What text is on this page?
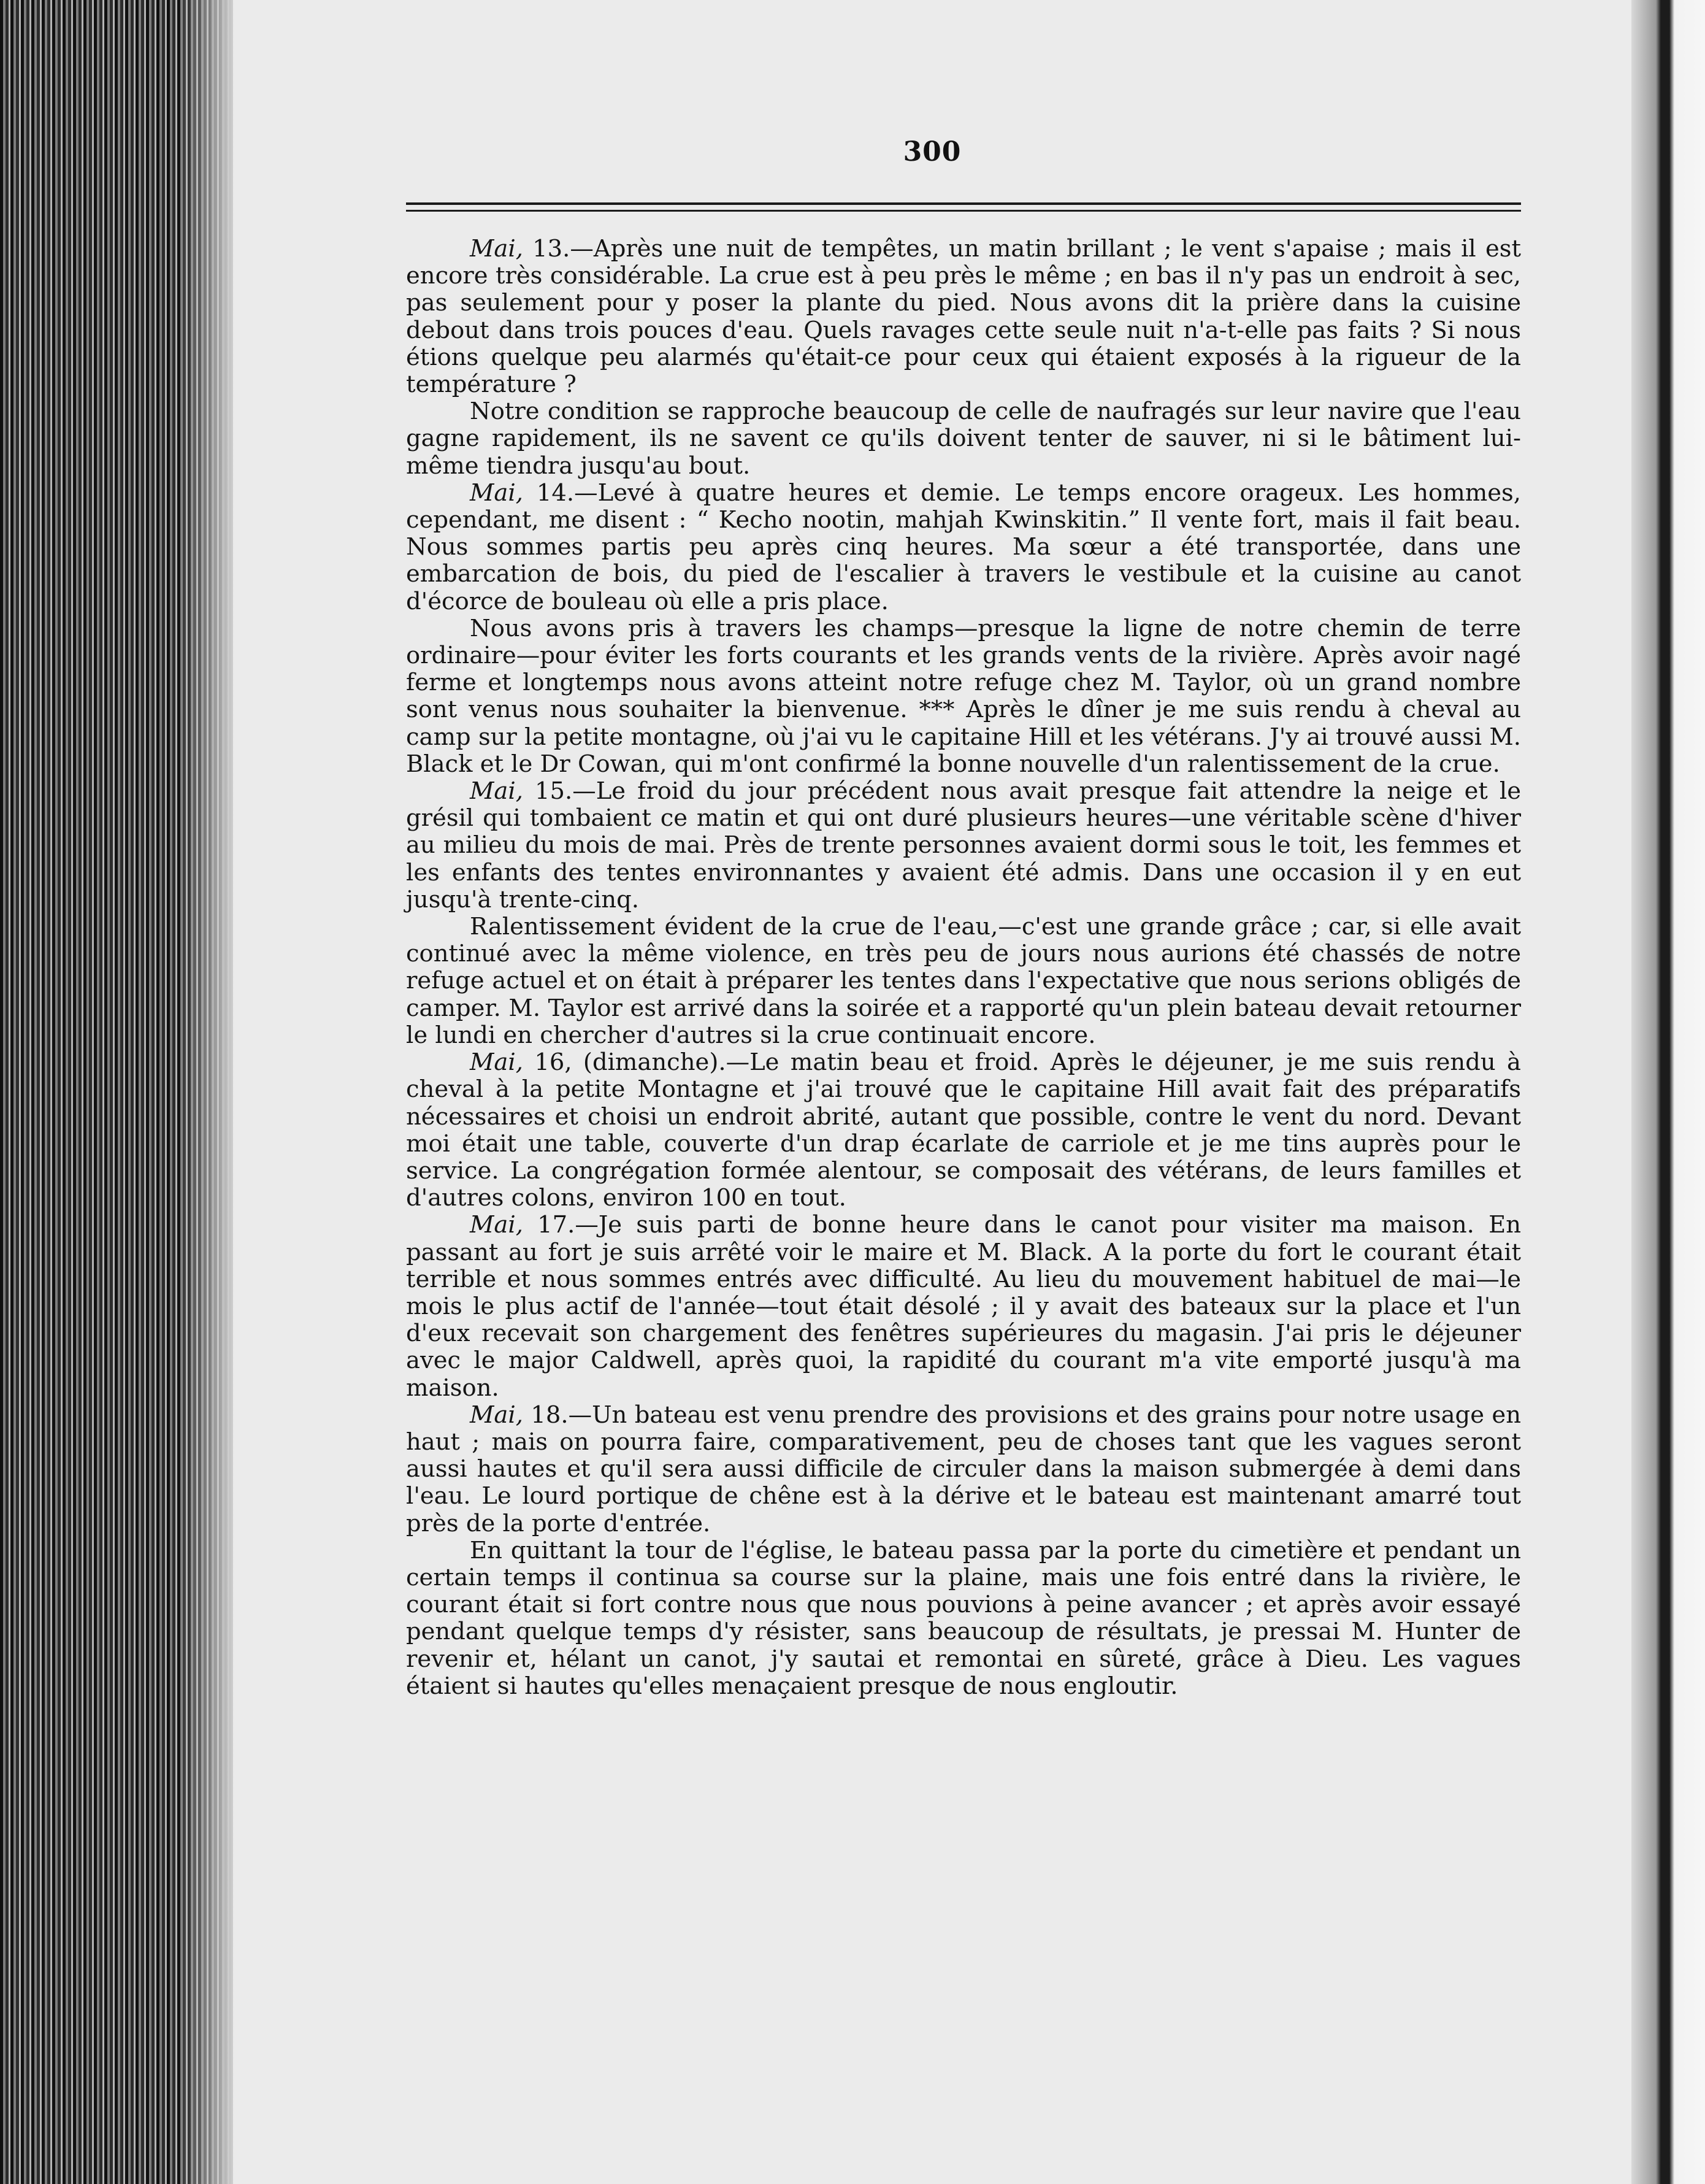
300

Mai, 13.—Après une nuit de tempêtes, un matin brillant ; le vent s'apaise ; mais il est encore très considérable. La crue est à peu près le même ; en bas il n'y pas un endroit à sec, pas seulement pour y poser la plante du pied. Nous avons dit la prière dans la cuisine debout dans trois pouces d'eau. Quels ravages cette seule nuit n'a-t-elle pas faits ? Si nous étions quelque peu alarmés qu'était-ce pour ceux qui étaient exposés à la rigueur de la température ?

Notre condition se rapproche beaucoup de celle de naufragés sur leur navire que l'eau gagne rapidement, ils ne savent ce qu'ils doivent tenter de sauver, ni si le bâtiment lui-même tiendra jusqu'au bout.

Mai, 14.—Levé à quatre heures et demie. Le temps encore orageux. Les hommes, cependant, me disent : “ Kecho nootin, mahjah Kwinskitin.” Il vente fort, mais il fait beau. Nous sommes partis peu après cinq heures. Ma sœur a été transportée, dans une embarcation de bois, du pied de l'escalier à travers le vestibule et la cuisine au canot d'écorce de bouleau où elle a pris place.

Nous avons pris à travers les champs—presque la ligne de notre chemin de terre ordinaire—pour éviter les forts courants et les grands vents de la rivière. Après avoir nagé ferme et longtemps nous avons atteint notre refuge chez M. Taylor, où un grand nombre sont venus nous souhaiter la bienvenue. *** Après le dîner je me suis rendu à cheval au camp sur la petite montagne, où j'ai vu le capitaine Hill et les vétérans. J'y ai trouvé aussi M. Black et le Dr Cowan, qui m'ont confirmé la bonne nouvelle d'un ralentissement de la crue.

Mai, 15.—Le froid du jour précédent nous avait presque fait attendre la neige et le grésil qui tombaient ce matin et qui ont duré plusieurs heures—une véritable scène d'hiver au milieu du mois de mai. Près de trente personnes avaient dormi sous le toit, les femmes et les enfants des tentes environnantes y avaient été admis. Dans une occasion il y en eut jusqu'à trente-cinq.

Ralentissement évident de la crue de l'eau,—c'est une grande grâce ; car, si elle avait continué avec la même violence, en très peu de jours nous aurions été chassés de notre refuge actuel et on était à préparer les tentes dans l'expectative que nous serions obligés de camper. M. Taylor est arrivé dans la soirée et a rapporté qu'un plein bateau devait retourner le lundi en chercher d'autres si la crue continuait encore.

Mai, 16, (dimanche).—Le matin beau et froid. Après le déjeuner, je me suis rendu à cheval à la petite Montagne et j'ai trouvé que le capitaine Hill avait fait des préparatifs nécessaires et choisi un endroit abrité, autant que possible, contre le vent du nord. Devant moi était une table, couverte d'un drap écarlate de carriole et je me tins auprès pour le service. La congrégation formée alentour, se composait des vétérans, de leurs familles et d'autres colons, environ 100 en tout.

Mai, 17.—Je suis parti de bonne heure dans le canot pour visiter ma maison. En passant au fort je suis arrêté voir le maire et M. Black. A la porte du fort le courant était terrible et nous sommes entrés avec difficulté. Au lieu du mouvement habituel de mai—le mois le plus actif de l'année—tout était désolé ; il y avait des bateaux sur la place et l'un d'eux recevait son chargement des fenêtres supérieures du magasin. J'ai pris le déjeuner avec le major Caldwell, après quoi, la rapidité du courant m'a vite emporté jusqu'à ma maison.

Mai, 18.—Un bateau est venu prendre des provisions et des grains pour notre usage en haut ; mais on pourra faire, comparativement, peu de choses tant que les vagues seront aussi hautes et qu'il sera aussi difficile de circuler dans la maison submergée à demi dans l'eau. Le lourd portique de chêne est à la dérive et le bateau est maintenant amarré tout près de la porte d'entrée.

En quittant la tour de l'église, le bateau passa par la porte du cimetière et pendant un certain temps il continua sa course sur la plaine, mais une fois entré dans la rivière, le courant était si fort contre nous que nous pouvions à peine avancer ; et après avoir essayé pendant quelque temps d'y résister, sans beaucoup de résultats, je pressai M. Hunter de revenir et, hélant un canot, j'y sautai et remontai en sûreté, grâce à Dieu. Les vagues étaient si hautes qu'elles menaçaient presque de nous engloutir.
